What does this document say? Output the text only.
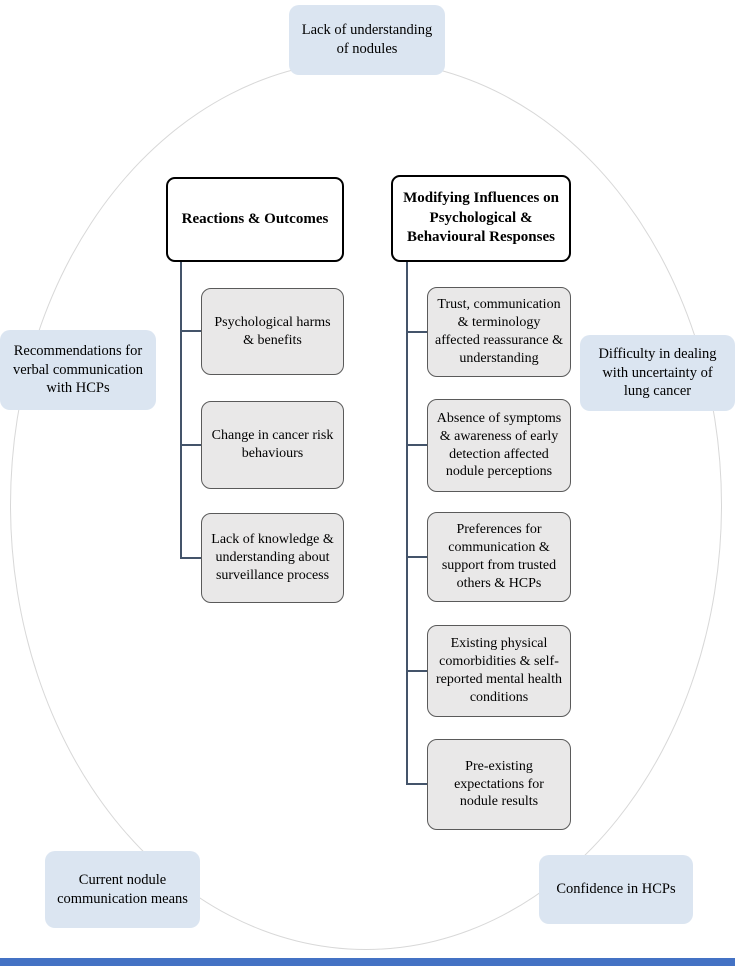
Lack of understanding of nodules
Recommendations for verbal communication with HCPs
Difficulty in dealing with uncertainty of lung cancer
Current nodule communication means
Confidence in HCPs
Reactions & Outcomes
Modifying Influences on Psychological & Behavioural Responses
Psychological harms & benefits
Change in cancer risk behaviours
Lack of knowledge & understanding about surveillance process
Trust, communication & terminology affected reassurance & understanding
Absence of symptoms & awareness of early detection affected nodule perceptions
Preferences for communication & support from trusted others & HCPs
Existing physical comorbidities & self-reported mental health conditions
Pre-existing expectations for nodule results
